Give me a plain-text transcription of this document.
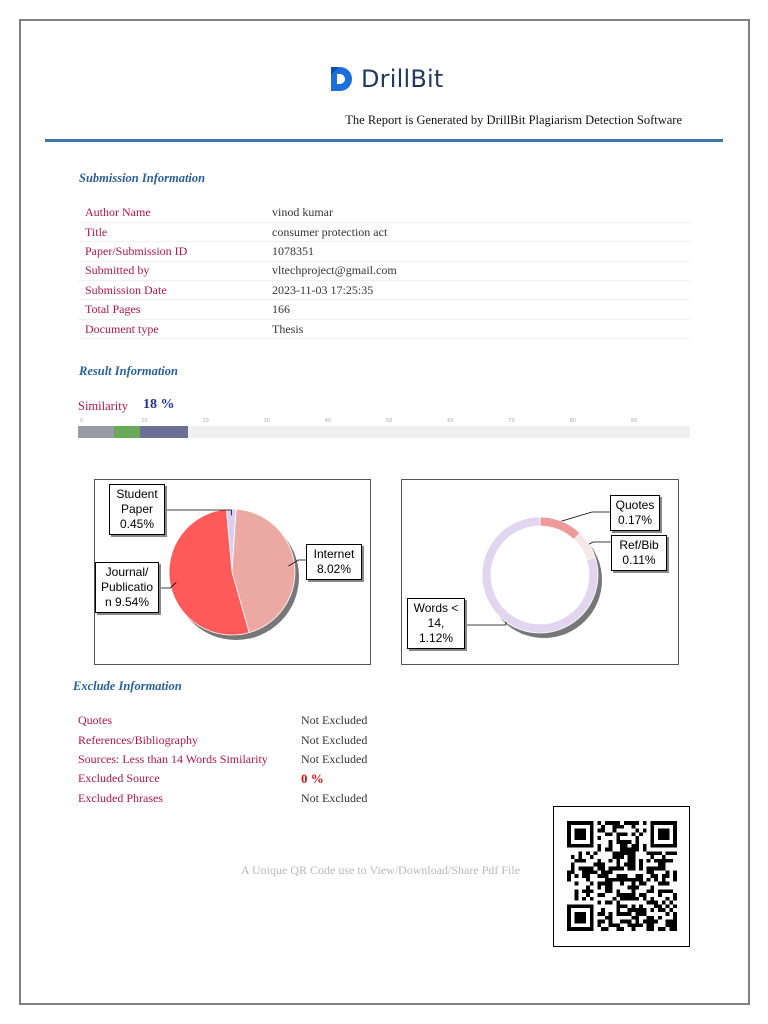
DrillBit
The Report is Generated by DrillBit Plagiarism Detection Software
Submission Information
Author Name	vinod kumar
Title	consumer protection act
Paper/Submission ID	1078351
Submitted by	vltechproject@gmail.com
Submission Date	2023-11-03 17:25:35
Total Pages	166
Document type	Thesis
Result Information
Similarity 18 %
0	10	20	30	40	50	60	70	80	90
Student
Paper
0.45%
Internet
8.02%
Journal/
Publicatio
n 9.54%
Quotes
0.17%
Ref/Bib
0.11%
Words <
14,
1.12%
Exclude Information
Quotes	Not Excluded
References/Bibliography	Not Excluded
Sources: Less than 14 Words Similarity	Not Excluded
Excluded Source	0 %
Excluded Phrases	Not Excluded
A Unique QR Code use to View/Download/Share Pdf File
